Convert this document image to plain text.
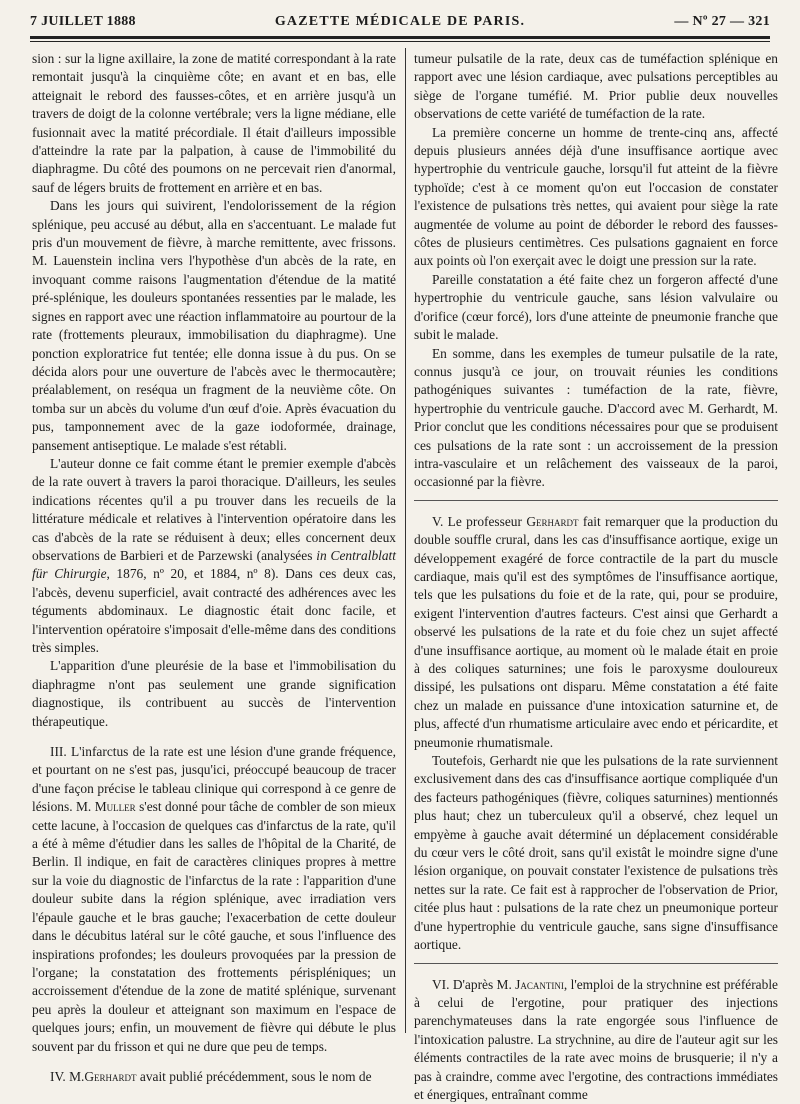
7 JUILLET 1888	GAZETTE MÉDICALE DE PARIS.	— Nº 27 — 321

sion : sur la ligne axillaire, la zone de matité correspondant à la rate remontait jusqu'à la cinquième côte; en avant et en bas, elle atteignait le rebord des fausses-côtes, et en arrière jusqu'à un travers de doigt de la colonne vertébrale; vers la ligne médiane, elle fusionnait avec la matité précordiale. Il était d'ailleurs impossible d'atteindre la rate par la palpation, à cause de l'immobilité du diaphragme. Du côté des poumons on ne percevait rien d'anormal, sauf de légers bruits de frottement en arrière et en bas.

Dans les jours qui suivirent, l'endolorissement de la région splénique, peu accusé au début, alla en s'accentuant. Le malade fut pris d'un mouvement de fièvre, à marche remittente, avec frissons. M. Lauenstein inclina vers l'hypothèse d'un abcès de la rate, en invoquant comme raisons l'augmentation d'étendue de la matité pré-splénique, les douleurs spontanées ressenties par le malade, les signes en rapport avec une réaction inflammatoire au pourtour de la rate (frottements pleuraux, immobilisation du diaphragme). Une ponction exploratrice fut tentée; elle donna issue à du pus. On se décida alors pour une ouverture de l'abcès avec le thermocautère; préalablement, on reséqua un fragment de la neuvième côte. On tomba sur un abcès du volume d'un œuf d'oie. Après évacuation du pus, tamponnement avec de la gaze iodoformée, drainage, pansement antiseptique. Le malade s'est rétabli.

L'auteur donne ce fait comme étant le premier exemple d'abcès de la rate ouvert à travers la paroi thoracique. D'ailleurs, les seules indications récentes qu'il a pu trouver dans les recueils de la littérature médicale et relatives à l'intervention opératoire dans les cas d'abcès de la rate se réduisent à deux; elles concernent deux observations de Barbieri et de Parzewski (analysées in Centralblatt für Chirurgie, 1876, nº 20, et 1884, nº 8). Dans ces deux cas, l'abcès, devenu superficiel, avait contracté des adhérences avec les téguments abdominaux. Le diagnostic était donc facile, et l'intervention opératoire s'imposait d'elle-même dans des conditions très simples.

L'apparition d'une pleurésie de la base et l'immobilisation du diaphragme n'ont pas seulement une grande signification diagnostique, ils contribuent au succès de l'intervention thérapeutique.

III. L'infarctus de la rate est une lésion d'une grande fréquence, et pourtant on ne s'est pas, jusqu'ici, préoccupé beaucoup de tracer d'une façon précise le tableau clinique qui correspond à ce genre de lésions. M. Muller s'est donné pour tâche de combler de son mieux cette lacune, à l'occasion de quelques cas d'infarctus de la rate, qu'il a été à même d'étudier dans les salles de l'hôpital de la Charité, de Berlin. Il indique, en fait de caractères cliniques propres à mettre sur la voie du diagnostic de l'infarctus de la rate : l'apparition d'une douleur subite dans la région splénique, avec irradiation vers l'épaule gauche et le bras gauche; l'exacerbation de cette douleur dans le décubitus latéral sur le côté gauche, et sous l'influence des inspirations profondes; les douleurs provoquées par la pression de l'organe; la constatation des frottements périspléniques; un accroissement d'étendue de la zone de matité splénique, survenant peu après la douleur et atteignant son maximum en l'espace de quelques jours; enfin, un mouvement de fièvre qui débute le plus souvent par du frisson et qui ne dure que peu de temps.

IV. M.Gerhardt avait publié précédemment, sous le nom de

tumeur pulsatile de la rate, deux cas de tuméfaction splénique en rapport avec une lésion cardiaque, avec pulsations perceptibles au siège de l'organe tuméfié. M. Prior publie deux nouvelles observations de cette variété de tuméfaction de la rate.

La première concerne un homme de trente-cinq ans, affecté depuis plusieurs années déjà d'une insuffisance aortique avec hypertrophie du ventricule gauche, lorsqu'il fut atteint de la fièvre typhoïde; c'est à ce moment qu'on eut l'occasion de constater l'existence de pulsations très nettes, qui avaient pour siège la rate augmentée de volume au point de déborder le rebord des fausses-côtes de plusieurs centimètres. Ces pulsations gagnaient en force aux points où l'on exerçait avec le doigt une pression sur la rate.

Pareille constatation a été faite chez un forgeron affecté d'une hypertrophie du ventricule gauche, sans lésion valvulaire ou d'orifice (cœur forcé), lors d'une atteinte de pneumonie franche que subit le malade.

En somme, dans les exemples de tumeur pulsatile de la rate, connus jusqu'à ce jour, on trouvait réunies les conditions pathogéniques suivantes : tuméfaction de la rate, fièvre, hypertrophie du ventricule gauche. D'accord avec M. Gerhardt, M. Prior conclut que les conditions nécessaires pour que se produisent ces pulsations de la rate sont : un accroissement de la pression intra-vasculaire et un relâchement des vaisseaux de la paroi, occasionné par la fièvre.

V. Le professeur Gerhardt fait remarquer que la production du double souffle crural, dans les cas d'insuffisance aortique, exige un développement exagéré de force contractile de la part du muscle cardiaque, mais qu'il est des symptômes de l'insuffisance aortique, tels que les pulsations du foie et de la rate, qui, pour se produire, exigent l'intervention d'autres facteurs. C'est ainsi que Gerhardt a observé les pulsations de la rate et du foie chez un sujet affecté d'une insuffisance aortique, au moment où le malade était en proie à des coliques saturnines; une fois le paroxysme douloureux dissipé, les pulsations ont disparu. Même constatation a été faite chez un malade en puissance d'une intoxication saturnine et, de plus, affecté d'un rhumatisme articulaire avec endo et péricardite, et pneumonie rhumatismale.

Toutefois, Gerhardt nie que les pulsations de la rate surviennent exclusivement dans des cas d'insuffisance aortique compliquée d'un des facteurs pathogéniques (fièvre, coliques saturnines) mentionnés plus haut; chez un tuberculeux qu'il a observé, chez lequel un empyème à gauche avait déterminé un déplacement considérable du cœur vers le côté droit, sans qu'il existât le moindre signe d'une lésion organique, on pouvait constater l'existence de pulsations très nettes sur la rate. Ce fait est à rapprocher de l'observation de Prior, citée plus haut : pulsations de la rate chez un pneumonique porteur d'une hypertrophie du ventricule gauche, sans signe d'insuffisance aortique.

VI. D'après M. Jacantini, l'emploi de la strychnine est préférable à celui de l'ergotine, pour pratiquer des injections parenchymateuses dans la rate engorgée sous l'influence de l'intoxication palustre. La strychnine, au dire de l'auteur agit sur les éléments contractiles de la rate avec moins de brusquerie; il n'y a pas à craindre, comme avec l'ergotine, des contractions immédiates et énergiques, entraînant comme
